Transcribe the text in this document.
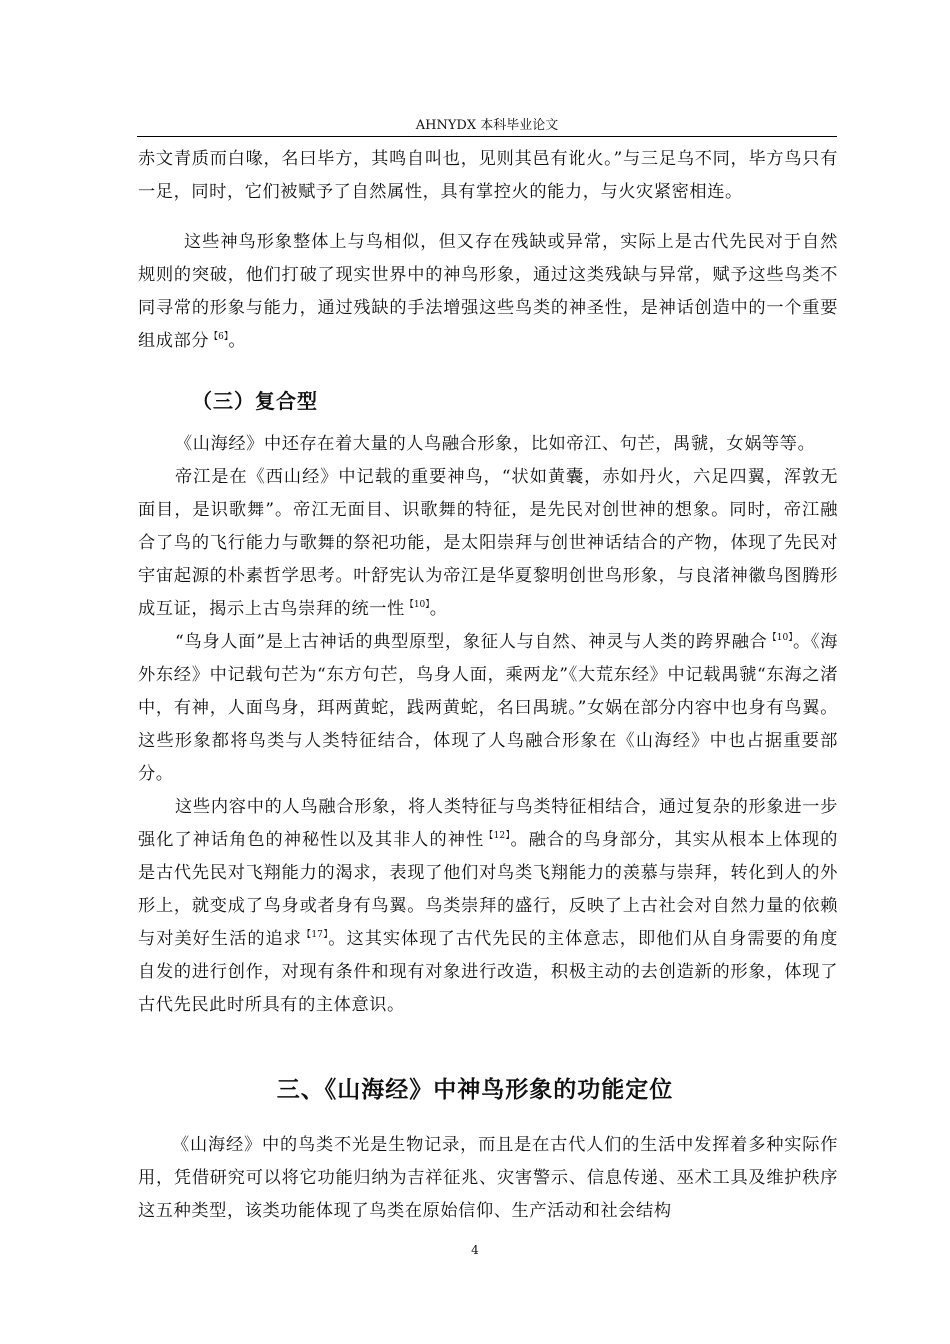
AHNYDX 本科毕业论文

赤文青质而白喙，名曰毕方，其鸣自叫也，见则其邑有讹火。”与三足乌不同，毕方鸟只有一足，同时，它们被赋予了自然属性，具有掌控火的能力，与火灾紧密相连。

这些神鸟形象整体上与鸟相似，但又存在残缺或异常，实际上是古代先民对于自然规则的突破，他们打破了现实世界中的神鸟形象，通过这类残缺与异常，赋予这些鸟类不同寻常的形象与能力，通过残缺的手法增强这些鸟类的神圣性，是神话创造中的一个重要组成部分$^{【6】}$。

（三）复合型

《山海经》中还存在着大量的人鸟融合形象，比如帝江、句芒，禺虢，女娲等等。

帝江是在《西山经》中记载的重要神鸟，“状如黄囊，赤如丹火，六足四翼，浑敦无面目，是识歌舞”。帝江无面目、识歌舞的特征，是先民对创世神的想象。同时，帝江融合了鸟的飞行能力与歌舞的祭祀功能，是太阳崇拜与创世神话结合的产物，体现了先民对宇宙起源的朴素哲学思考。叶舒宪认为帝江是华夏黎明创世鸟形象，与良渚神徽鸟图腾形成互证，揭示上古鸟崇拜的统一性$^{【10】}$。

“鸟身人面”是上古神话的典型原型，象征人与自然、神灵与人类的跨界融合$^{【10】}$。《海外东经》中记载句芒为“东方句芒，鸟身人面，乘两龙”《大荒东经》中记载禺虢“东海之渚中，有神，人面鸟身，珥两黄蛇，践两黄蛇，名曰禺琥。”女娲在部分内容中也身有鸟翼。这些形象都将鸟类与人类特征结合，体现了人鸟融合形象在《山海经》中也占据重要部分。

这些内容中的人鸟融合形象，将人类特征与鸟类特征相结合，通过复杂的形象进一步强化了神话角色的神秘性以及其非人的神性$^{【12】}$。融合的鸟身部分，其实从根本上体现的是古代先民对飞翔能力的渴求，表现了他们对鸟类飞翔能力的羡慕与崇拜，转化到人的外形上，就变成了鸟身或者身有鸟翼。鸟类崇拜的盛行，反映了上古社会对自然力量的依赖与对美好生活的追求$^{【17】}$。这其实体现了古代先民的主体意志，即他们从自身需要的角度自发的进行创作，对现有条件和现有对象进行改造，积极主动的去创造新的形象，体现了古代先民此时所具有的主体意识。

三、《山海经》中神鸟形象的功能定位

《山海经》中的鸟类不光是生物记录，而且是在古代人们的生活中发挥着多种实际作用，凭借研究可以将它功能归纳为吉祥征兆、灾害警示、信息传递、巫术工具及维护秩序这五种类型，该类功能体现了鸟类在原始信仰、生产活动和社会结构

4
